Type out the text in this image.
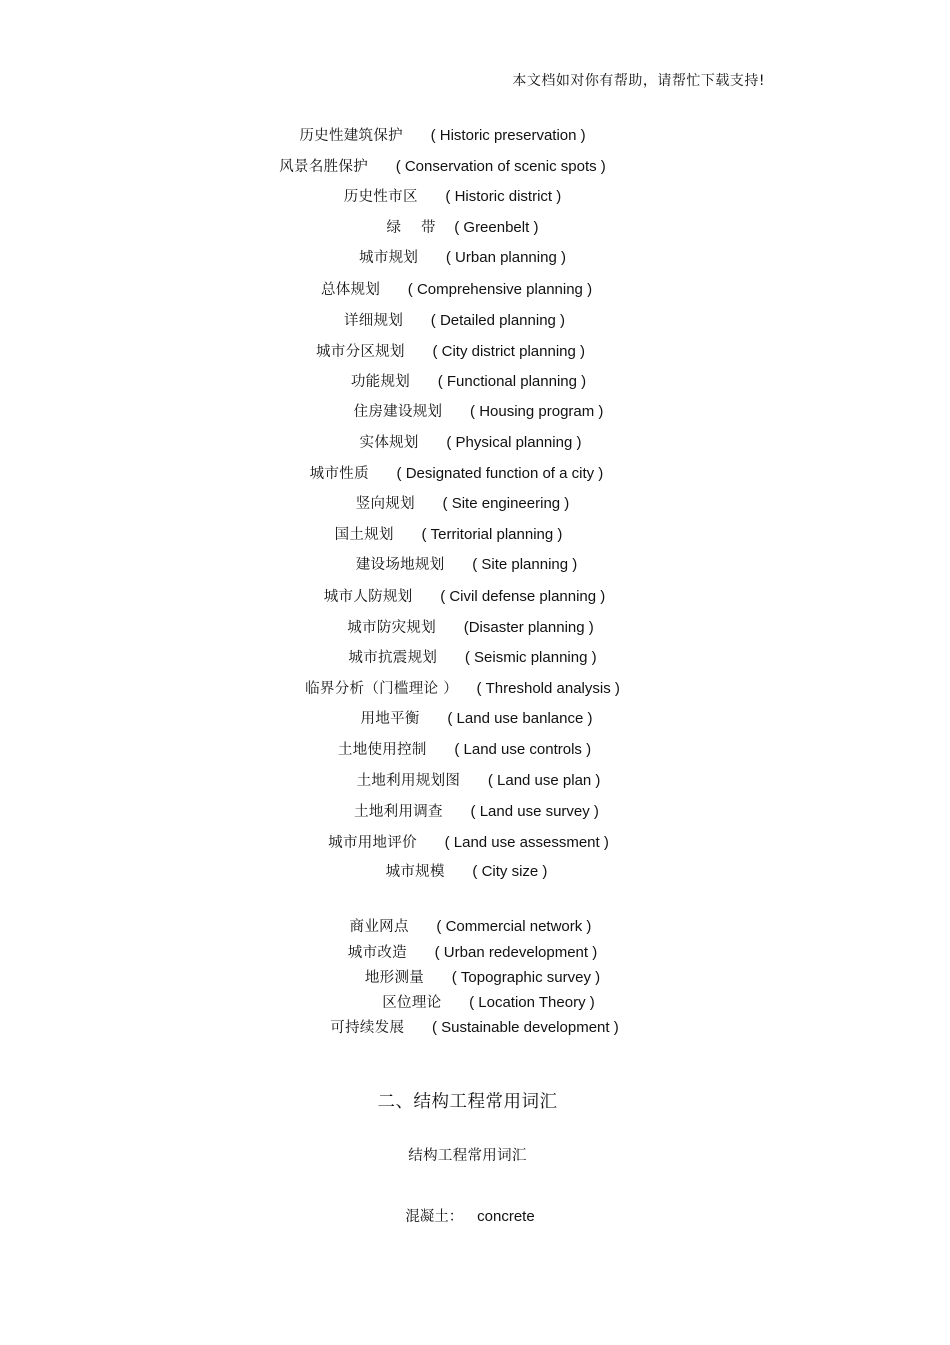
本文档如对你有帮助，请帮忙下载支持!
历史性建筑保护 ( Historic preservation )
风景名胜保护 ( Conservation of scenic spots )
历史性市区 ( Historic district )
绿    带 ( Greenbelt )
城市规划 ( Urban planning )
总体规划 ( Comprehensive planning )
详细规划 ( Detailed planning )
城市分区规划 ( City district planning )
功能规划 ( Functional planning )
住房建设规划 ( Housing program )
实体规划 ( Physical planning )
城市性质 ( Designated function of a city )
竖向规划 ( Site engineering )
国土规划 ( Territorial planning )
建设场地规划 ( Site planning )
城市人防规划 ( Civil defense planning )
城市防灾规划 (Disaster planning )
城市抗震规划 ( Seismic planning )
临界分析（门槛理论 ） ( Threshold analysis )
用地平衡 ( Land use banlance )
土地使用控制 ( Land use controls )
土地利用规划图 ( Land use plan )
土地利用调查 ( Land use survey )
城市用地评价 ( Land use assessment )
城市规模 ( City size )
商业网点 ( Commercial network )
城市改造 ( Urban redevelopment )
地形测量 ( Topographic survey )
区位理论 ( Location Theory )
可持续发展 ( Sustainable development )
二、结构工程常用词汇
结构工程常用词汇
混凝土： concrete
